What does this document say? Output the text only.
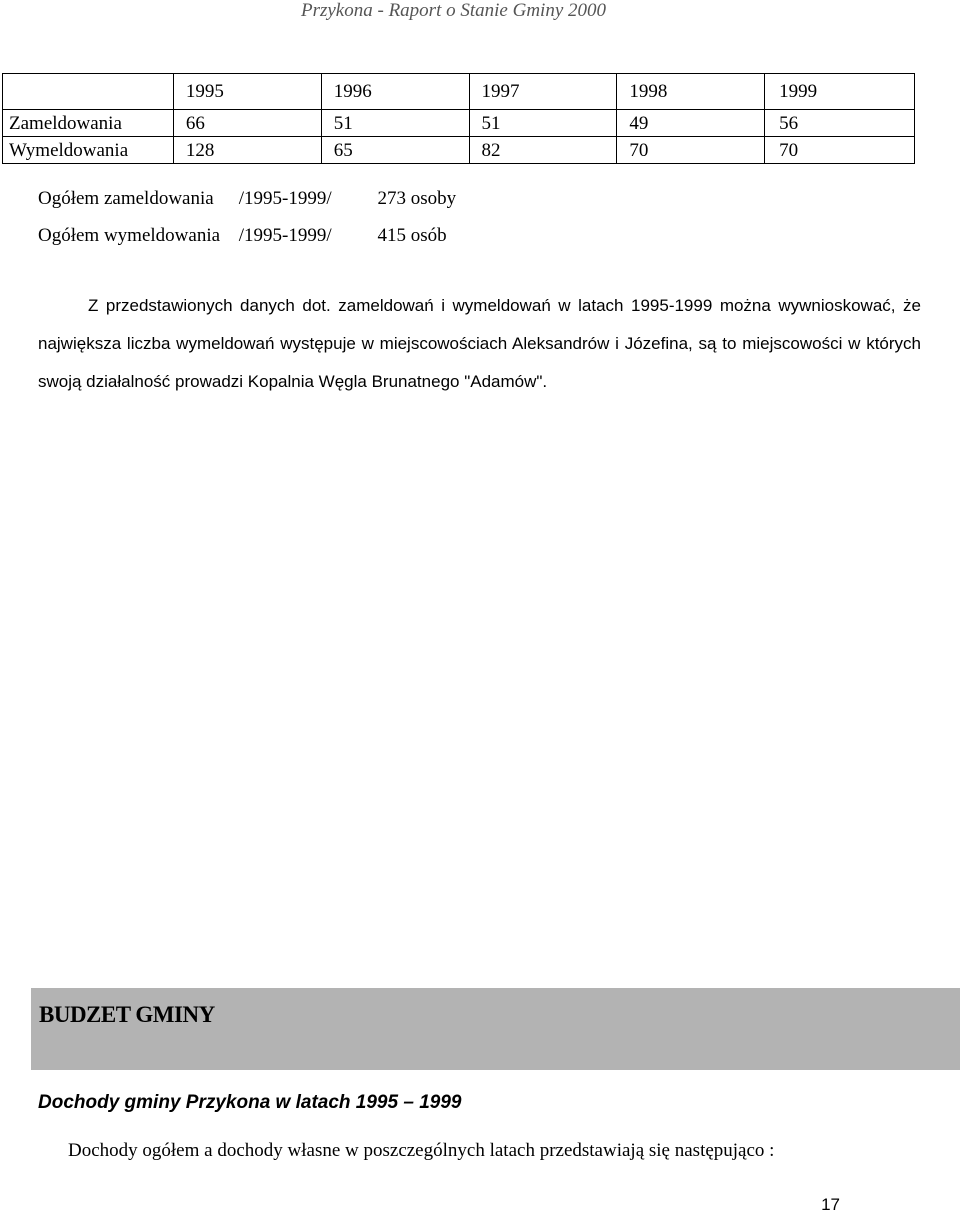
Przykona - Raport o Stanie Gminy 2000
	1995	1996	1997	1998	1999
Zameldowania	66	51	51	49	56
Wymeldowania	128	65	82	70	70
Ogółem zameldowania /1995-1999/ 273 osoby
Ogółem wymeldowania /1995-1999/ 415 osób
Z przedstawionych danych dot. zameldowań i wymeldowań w latach 1995-1999 można wywnioskować, że największa liczba wymeldowań występuje w miejscowościach Aleksandrów i Józefina, są to miejscowości w których swoją działalność prowadzi Kopalnia Węgla Brunatnego "Adamów".
BUDZET GMINY
Dochody gminy Przykona w latach 1995 – 1999
Dochody ogółem a dochody własne w poszczególnych latach przedstawiają się następująco :
17
